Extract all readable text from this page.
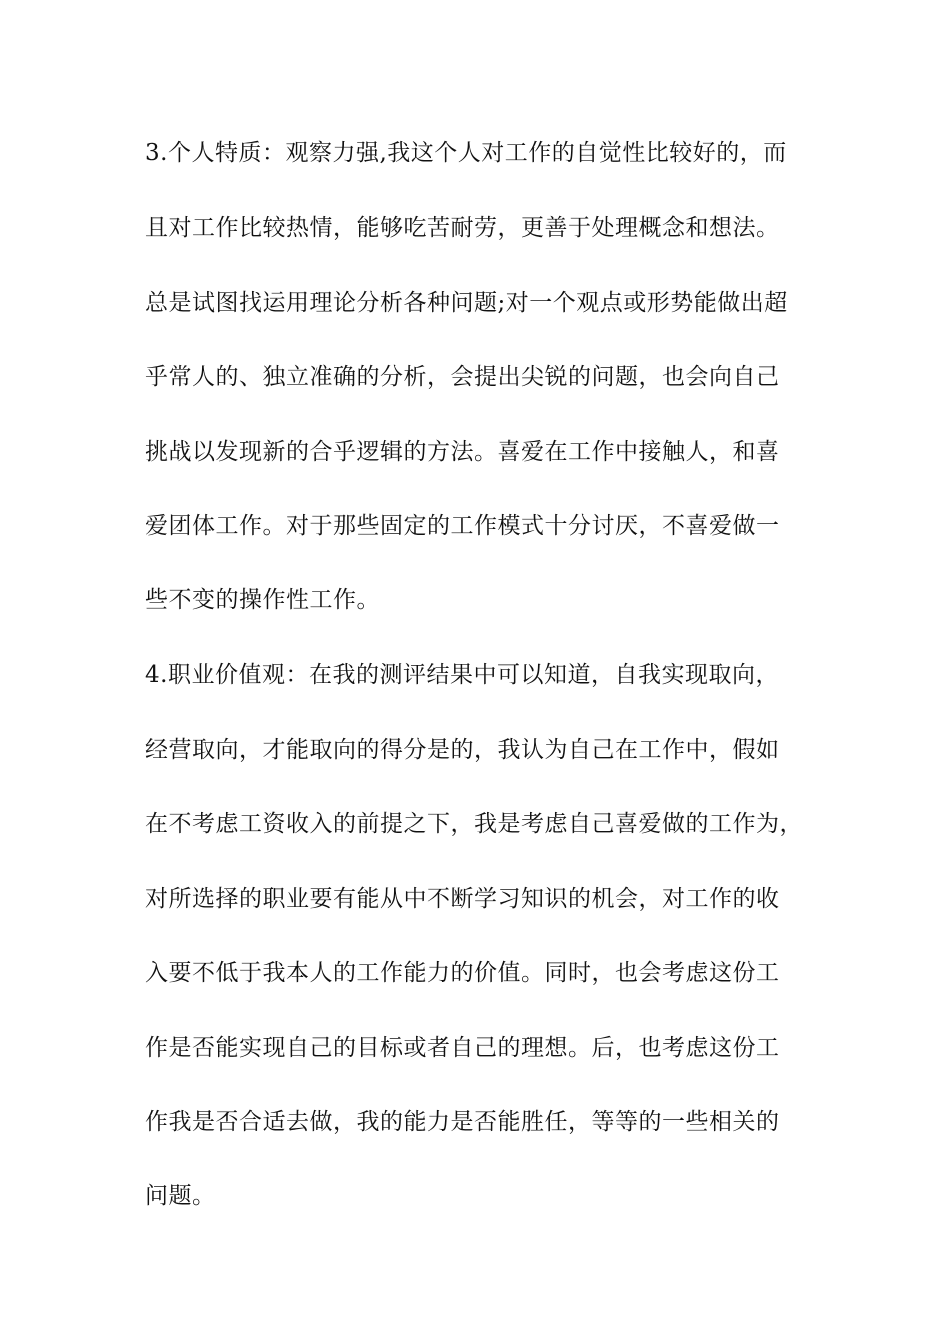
3.个人特质：观察力强,我这个人对工作的自觉性比较好的，而

且对工作比较热情，能够吃苦耐劳，更善于处理概念和想法。

总是试图找运用理论分析各种问题;对一个观点或形势能做出超

乎常人的、独立准确的分析，会提出尖锐的问题，也会向自己

挑战以发现新的合乎逻辑的方法。喜爱在工作中接触人，和喜

爱团体工作。对于那些固定的工作模式十分讨厌，不喜爱做一

些不变的操作性工作。

4.职业价值观：在我的测评结果中可以知道，自我实现取向，

经营取向，才能取向的得分是的，我认为自己在工作中，假如

在不考虑工资收入的前提之下，我是考虑自己喜爱做的工作为，

对所选择的职业要有能从中不断学习知识的机会，对工作的收

入要不低于我本人的工作能力的价值。同时，也会考虑这份工

作是否能实现自己的目标或者自己的理想。后，也考虑这份工

作我是否合适去做，我的能力是否能胜任，等等的一些相关的

问题。
